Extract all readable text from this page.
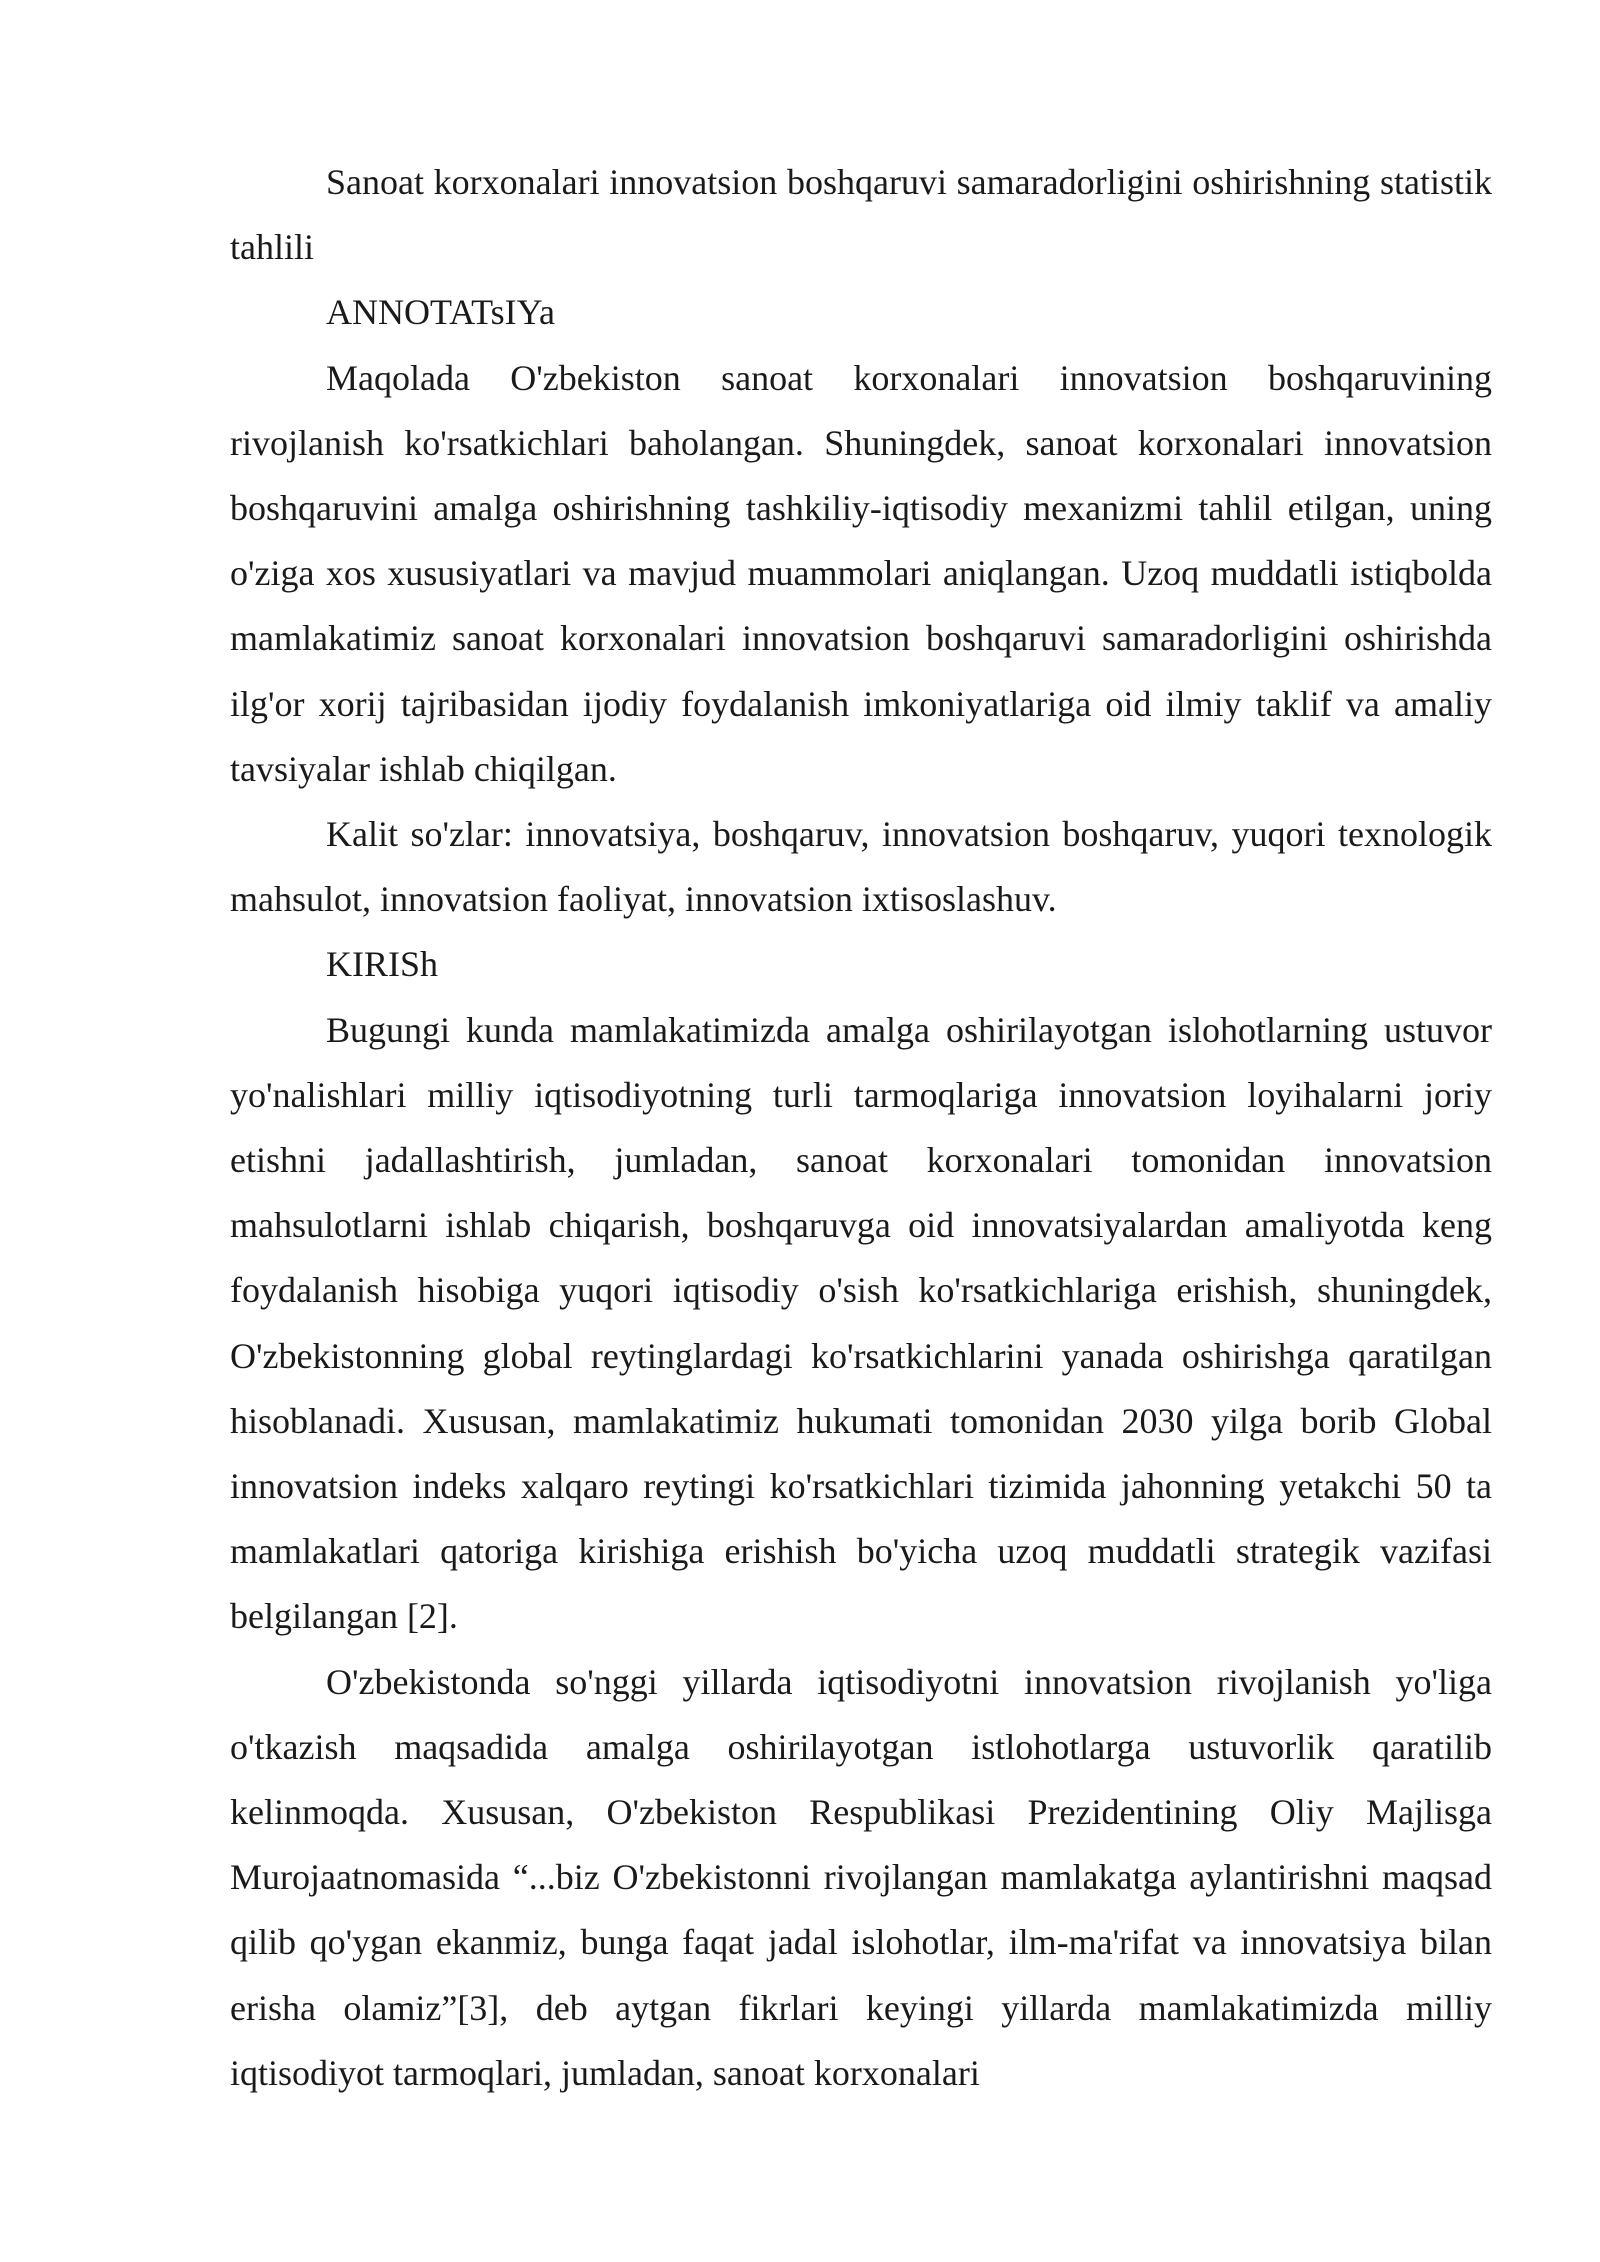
Sanoat korxonalari innovatsion boshqaruvi samaradorligini oshirishning statistik tahlili

ANNOTATsIYa

Maqolada O'zbekiston sanoat korxonalari innovatsion boshqaruvining rivojlanish ko'rsatkichlari baholangan. Shuningdek, sanoat korxonalari innovatsion boshqaruvini amalga oshirishning tashkiliy-iqtisodiy mexanizmi tahlil etilgan, uning o'ziga xos xususiyatlari va mavjud muammolari aniqlangan. Uzoq muddatli istiqbolda mamlakatimiz sanoat korxonalari innovatsion boshqaruvi samaradorligini oshirishda ilg'or xorij tajribasidan ijodiy foydalanish imkoniyatlariga oid ilmiy taklif va amaliy tavsiyalar ishlab chiqilgan.

Kalit so'zlar: innovatsiya, boshqaruv, innovatsion boshqaruv, yuqori texnologik mahsulot, innovatsion faoliyat, innovatsion ixtisoslashuv.

KIRISh

Bugungi kunda mamlakatimizda amalga oshirilayotgan islohotlarning ustuvor yo'nalishlari milliy iqtisodiyotning turli tarmoqlariga innovatsion loyihalarni joriy etishni jadallashtirish, jumladan, sanoat korxonalari tomonidan innovatsion mahsulotlarni ishlab chiqarish, boshqaruvga oid innovatsiyalardan amaliyotda keng foydalanish hisobiga yuqori iqtisodiy o'sish ko'rsatkichlariga erishish, shuningdek, O'zbekistonning global reytinglardagi ko'rsatkichlarini yanada oshirishga qaratilgan hisoblanadi. Xususan, mamlakatimiz hukumati tomonidan 2030 yilga borib Global innovatsion indeks xalqaro reytingi ko'rsatkichlari tizimida jahonning yetakchi 50 ta mamlakatlari qatoriga kirishiga erishish bo'yicha uzoq muddatli strategik vazifasi belgilangan [2].

O'zbekistonda so'nggi yillarda iqtisodiyotni innovatsion rivojlanish yo'liga o'tkazish maqsadida amalga oshirilayotgan istlohotlarga ustuvorlik qaratilib kelinmoqda. Xususan, O'zbekiston Respublikasi Prezidentining Oliy Majlisga Murojaatnomasida “...biz O'zbekistonni rivojlangan mamlakatga aylantirishni maqsad qilib qo'ygan ekanmiz, bunga faqat jadal islohotlar, ilm-ma'rifat va innovatsiya bilan erisha olamiz”[3], deb aytgan fikrlari keyingi yillarda mamlakatimizda milliy iqtisodiyot tarmoqlari, jumladan, sanoat korxonalari
